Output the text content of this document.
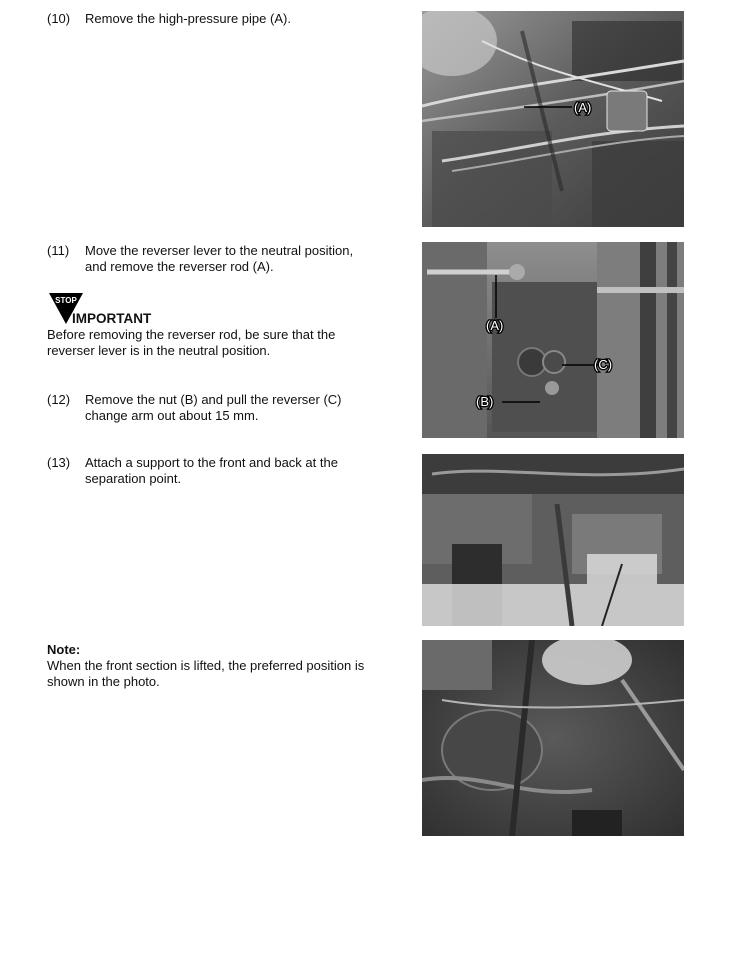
(10) Remove the high-pressure pipe (A).
(11) Move the reverser lever to the neutral position, and remove the reverser rod (A).
STOP
IMPORTANT
Before removing the reverser rod, be sure that the reverser lever is in the neutral position.
(12) Remove the nut (B) and pull the reverser (C) change arm out about 15 mm.
(13) Attach a support to the front and back at the separation point.
Note:
When the front section is lifted, the preferred position is shown in the photo.
(A)
(A)
(C)
(B)
